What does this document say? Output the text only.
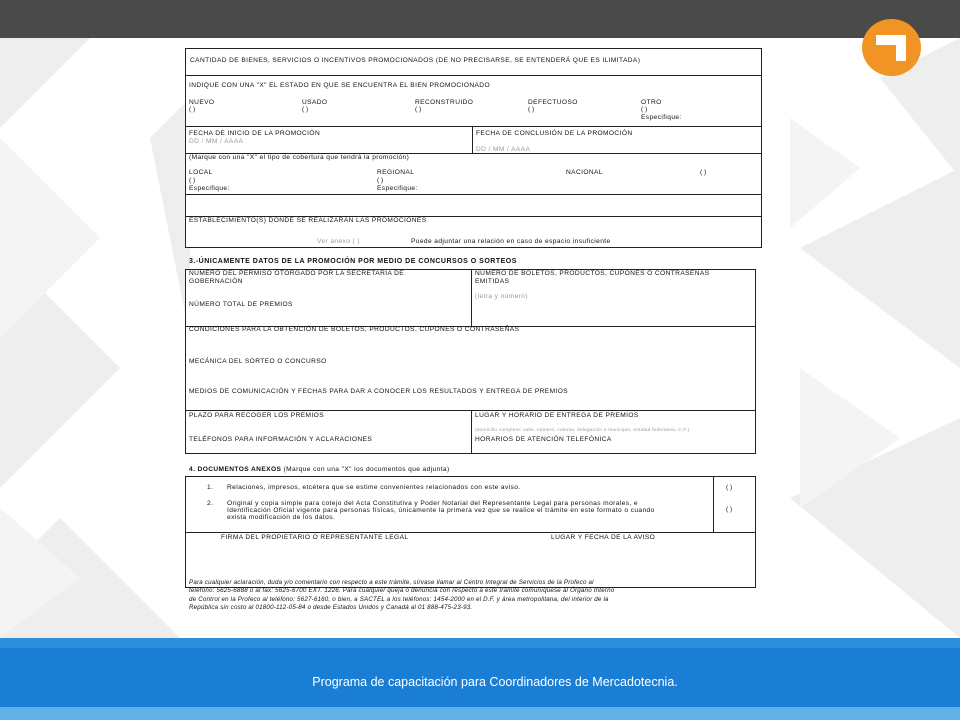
CANTIDAD DE BIENES, SERVICIOS O INCENTIVOS PROMOCIONADOS (DE NO PRECISARSE, SE ENTENDERÁ QUE ES ILIMITADA)
INDIQUE CON UNA "X" EL ESTADO EN QUE SE ENCUENTRA EL BIEN PROMOCIONADO
NUEVO
( )
USADO
( )
RECONSTRUIDO
( )
DEFECTUOSO
( )
OTRO
( )
Especifique:
FECHA DE INICIO DE LA PROMOCIÓN
DD / MM / AAAA
FECHA DE CONCLUSIÓN DE LA PROMOCIÓN
DD / MM / AAAA
(Marque con una "X" el tipo de cobertura que tendrá la promoción)
LOCAL
( )
Especifique:
REGIONAL
( )
Especifique:
NACIONAL	( )
ESTABLECIMIENTO(S) DONDE SE REALIZARÁN LAS PROMOCIONES
Ver anexo ( )	Puede adjuntar una relación en caso de espacio insuficiente
3.-ÚNICAMENTE DATOS DE LA PROMOCIÓN POR MEDIO DE CONCURSOS O SORTEOS
NÚMERO DEL PERMISO OTORGADO POR LA SECRETARÍA DE
GOBERNACIÓN
NÚMERO DE BOLETOS, PRODUCTOS, CUPONES O CONTRASEÑAS
EMITIDAS
(letra y número)
NÚMERO TOTAL DE PREMIOS
CONDICIONES PARA LA OBTENCIÓN DE BOLETOS, PRODUCTOS, CUPONES O CONTRASEÑAS
MECÁNICA DEL SORTEO O CONCURSO
MEDIOS DE COMUNICACIÓN Y FECHAS PARA DAR A CONOCER LOS RESULTADOS Y ENTREGA DE PREMIOS
PLAZO PARA RECOGER LOS PREMIOS	LUGAR Y HORARIO DE ENTREGA DE PREMIOS
(domicilio completo: calle, número, colonia, delegación o municipio, entidad federativa, C.P.)
TELÉFONOS PARA INFORMACIÓN Y ACLARACIONES	HORARIOS DE ATENCIÓN TELEFÓNICA
4. DOCUMENTOS ANEXOS (Marque con una "X" los documentos que adjunta)
1. Relaciones, impresos, etcétera que se estime convenientes relacionados con este aviso.	( )
2. Original y copia simple para cotejo del Acta Constitutiva y Poder Notarial del Representante Legal para personas morales, e
Identificación Oficial vigente para personas físicas, únicamente la primera vez que se realice el trámite en este formato o cuando
exista modificación de los datos.
( )
FIRMA DEL PROPIETARIO O REPRESENTANTE LEGAL	LUGAR Y FECHA DE LA AVISO
Para cualquier aclaración, duda y/o comentario con respecto a este trámite, sírvase llamar al Centro Integral de Servicios de la Profeco al
teléfono: 5625-6888 o al fax: 5625-6700 EXT. 1226. Para cualquier queja o denuncia con respecto a este trámite comuníquese al Órgano Interno
de Control en la Profeco al teléfono: 5627-6160, o bien, a SACTEL a los teléfonos: 1454-2000 en el D.F. y área metropolitana, del interior de la
República sin costo al 01800-112-05-84 o desde Estados Unidos y Canadá al 01 888-475-23-93.
Programa de capacitación para Coordinadores de Mercadotecnia.
